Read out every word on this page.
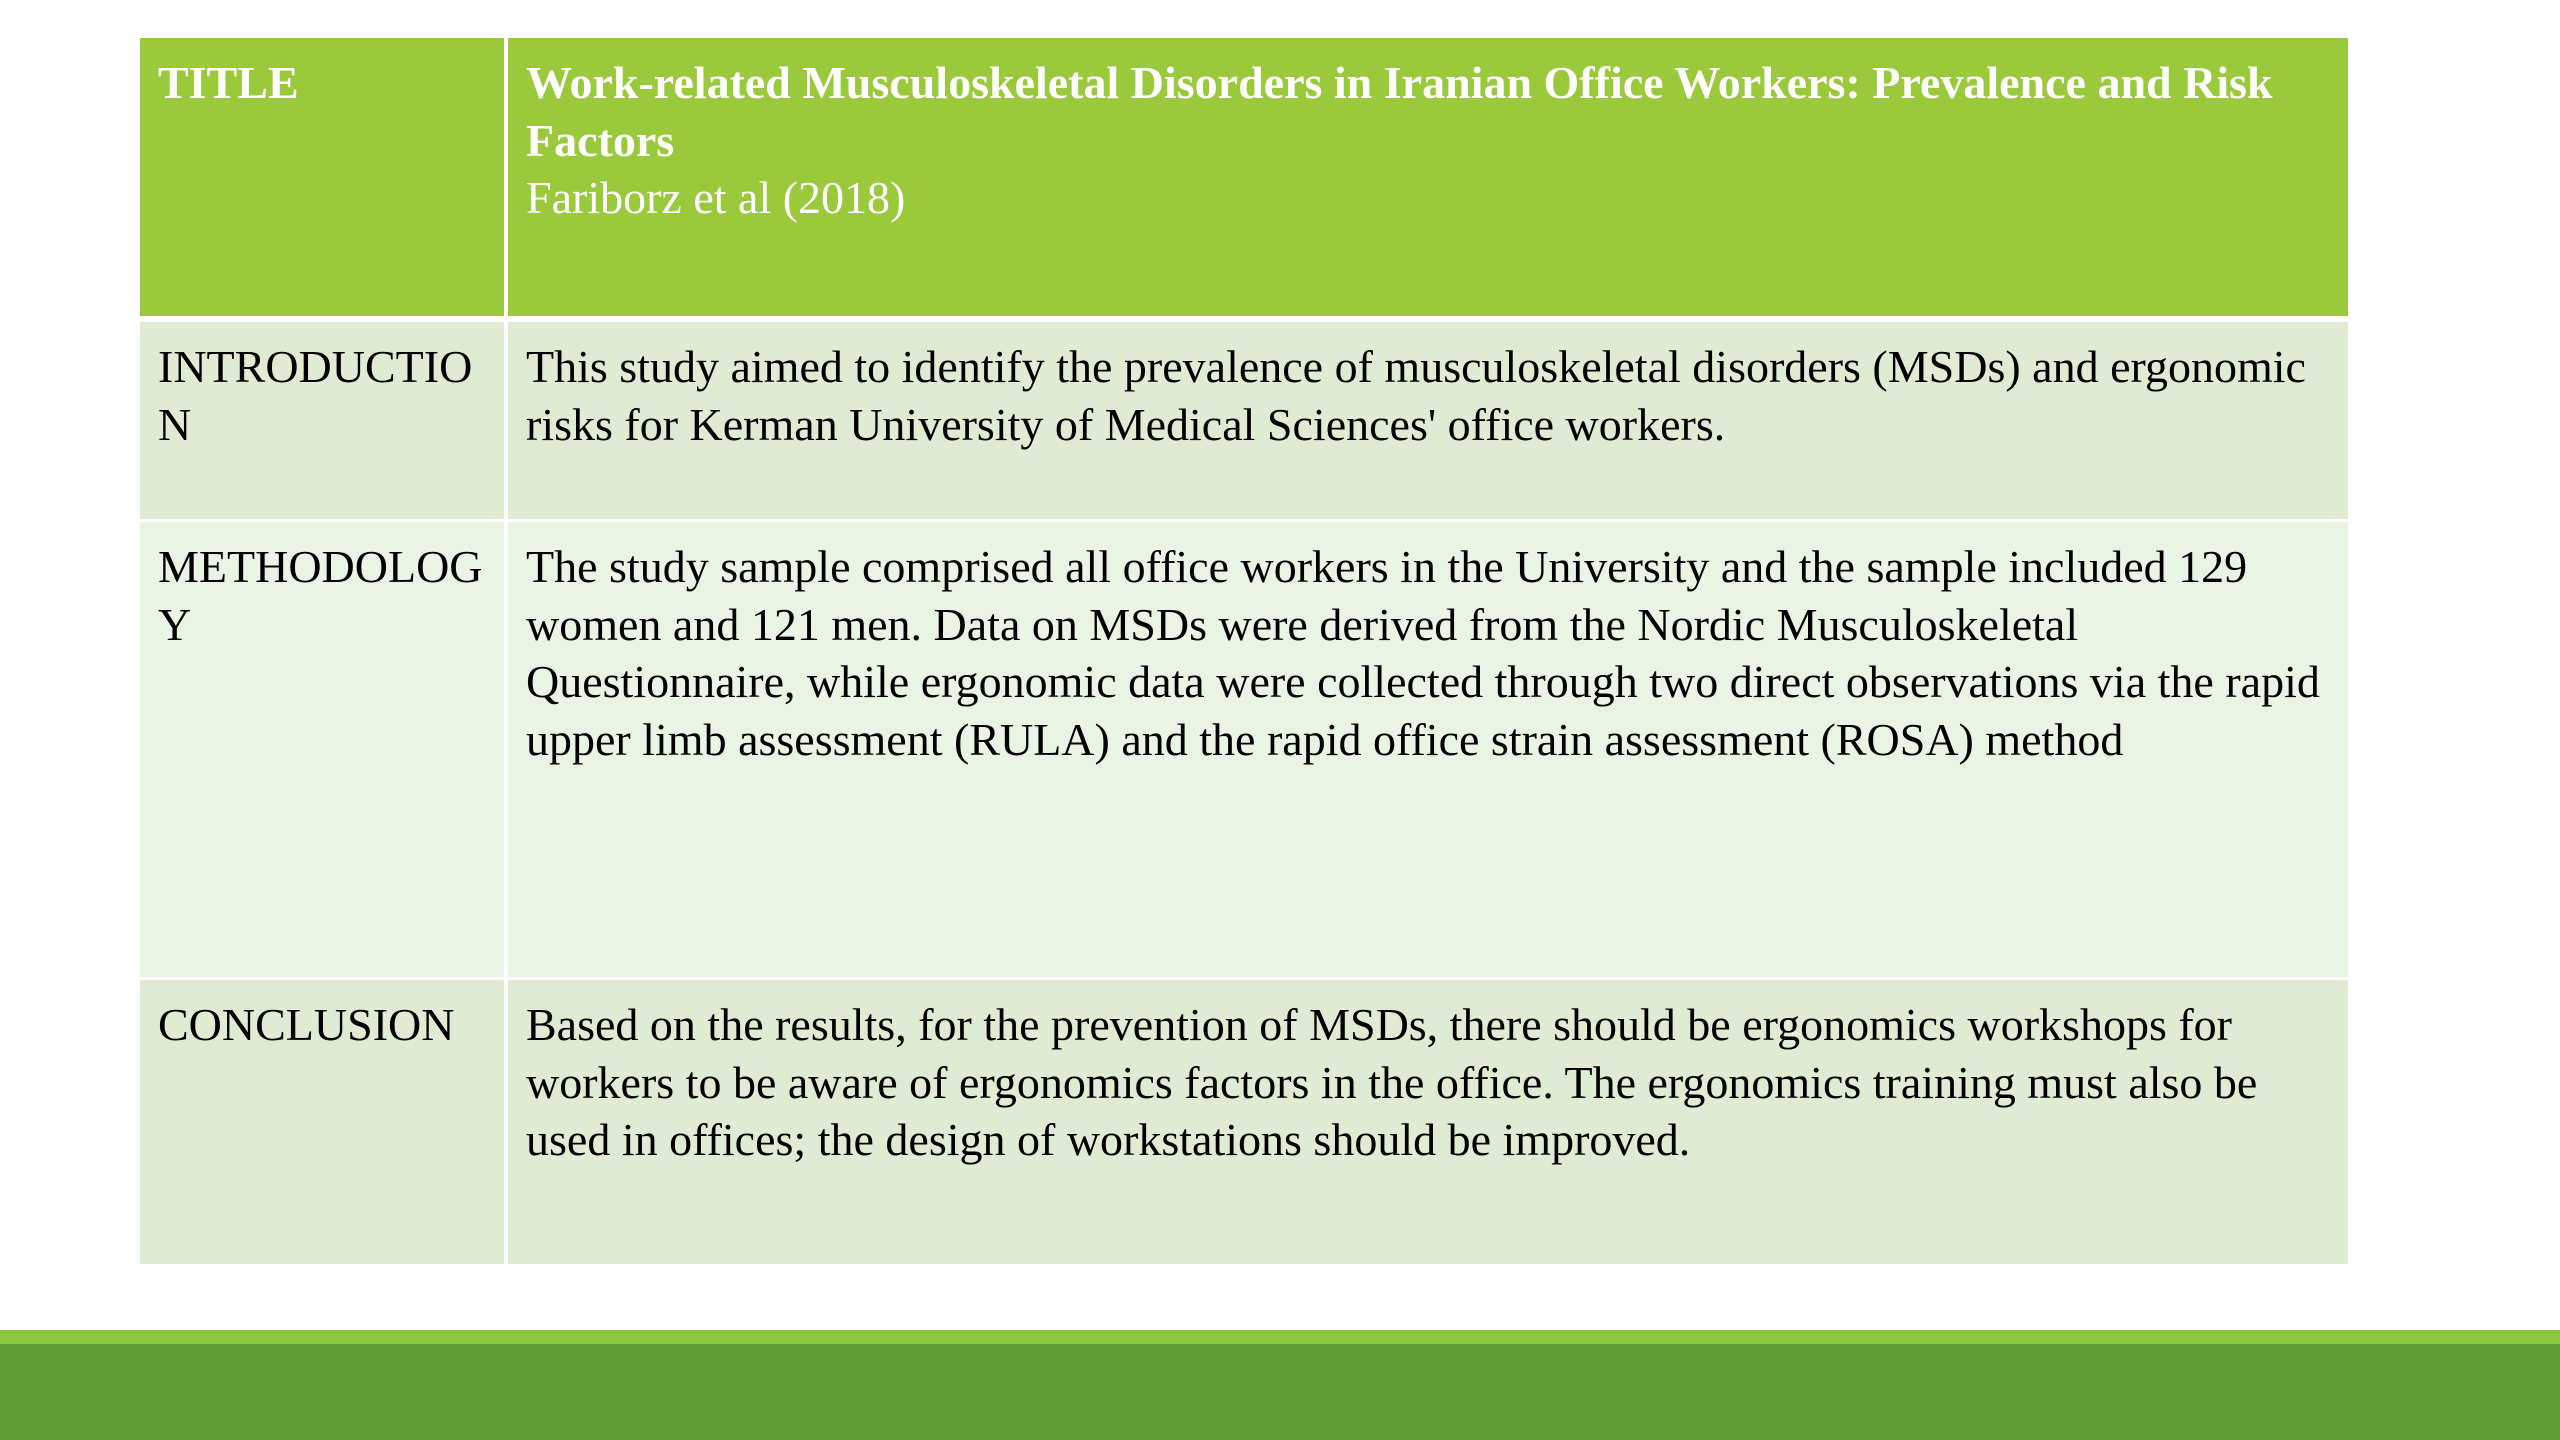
TITLE	Work-related Musculoskeletal Disorders in Iranian Office Workers: Prevalence and Risk Factors
Fariborz et al (2018)

INTRODUCTION	This study aimed to identify the prevalence of musculoskeletal disorders (MSDs) and ergonomic risks for Kerman University of Medical Sciences' office workers.
METHODOLOGY	The study sample comprised all office workers in the University and the sample included 129 women and 121 men. Data on MSDs were derived from the Nordic Musculoskeletal Questionnaire, while ergonomic data were collected through two direct observations via the rapid upper limb assessment (RULA) and the rapid office strain assessment (ROSA) method
CONCLUSION	Based on the results, for the prevention of MSDs, there should be ergonomics workshops for workers to be aware of ergonomics factors in the office. The ergonomics training must also be used in offices; the design of workstations should be improved.
